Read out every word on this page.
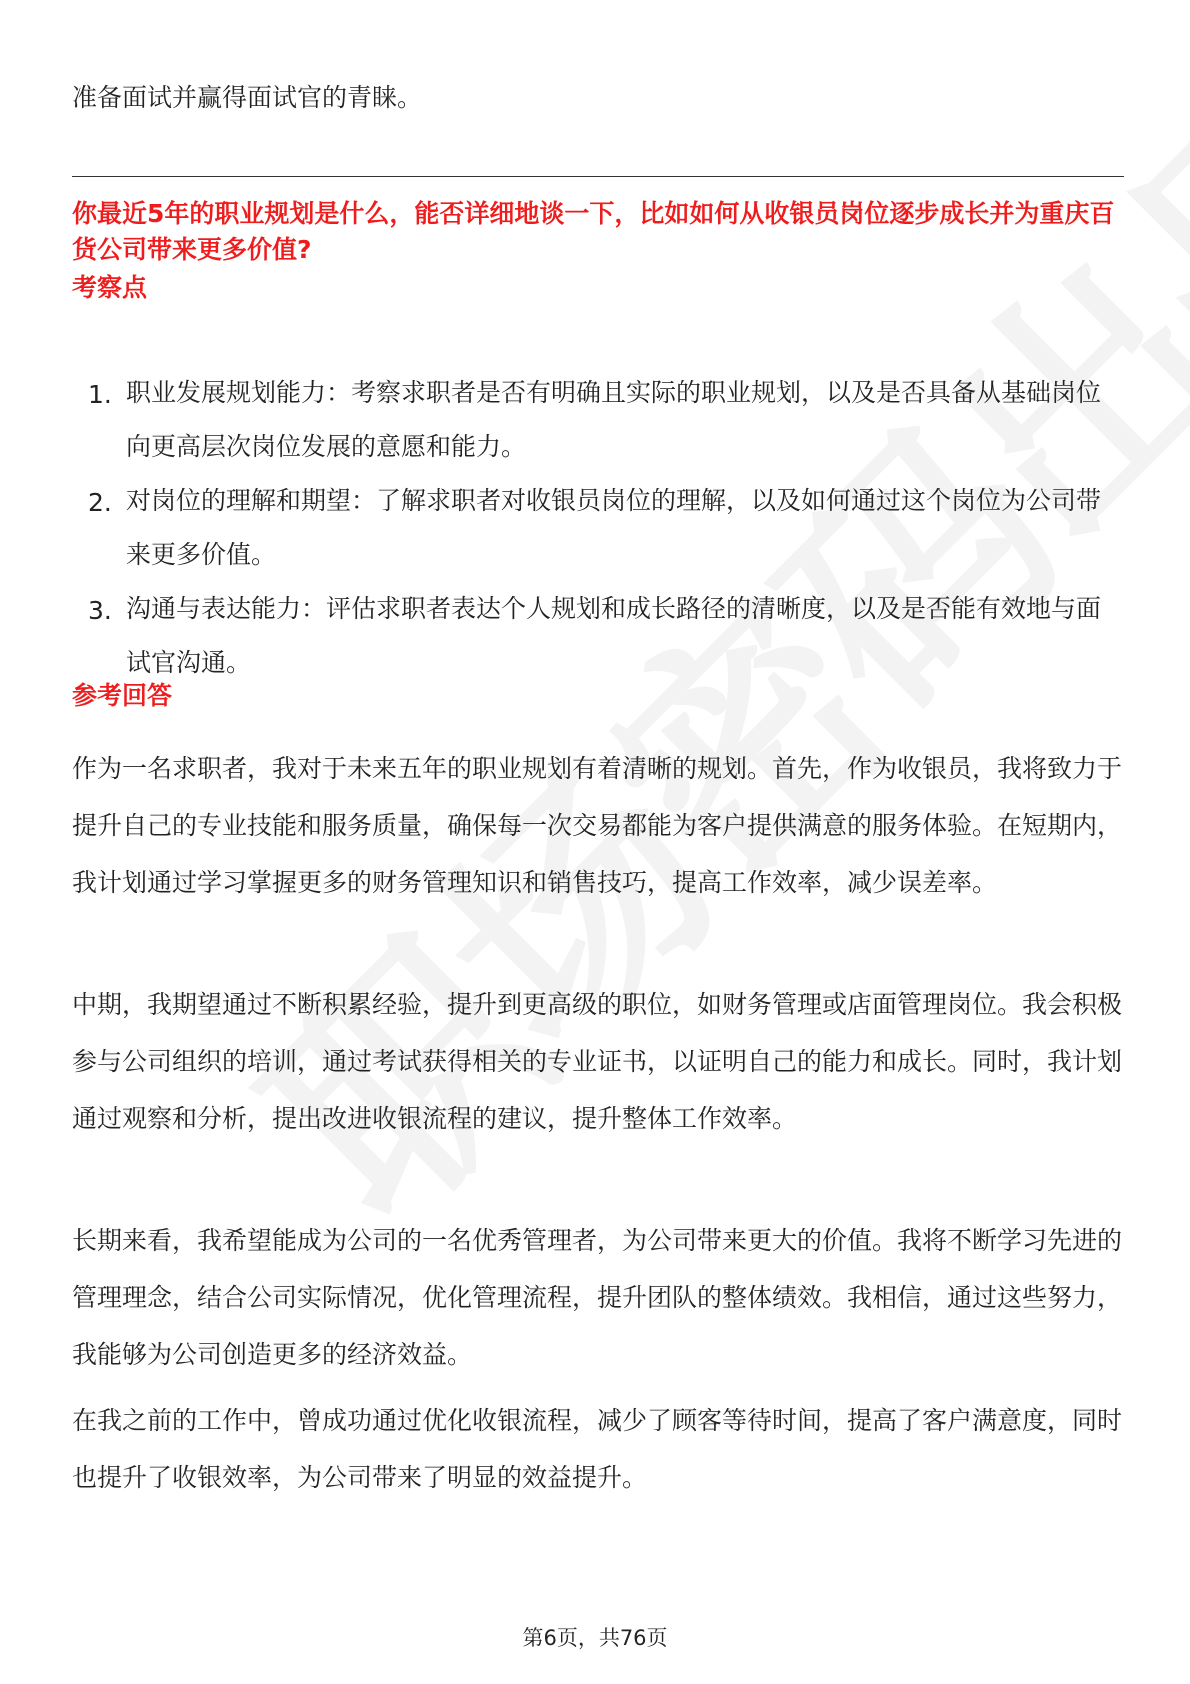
准备面试并赢得面试官的青睐。
你最近5年的职业规划是什么，能否详细地谈一下，比如如何从收银员岗位逐步成长并为重庆百货公司带来更多价值?
考察点
1. 职业发展规划能力：考察求职者是否有明确且实际的职业规划，以及是否具备从基础岗位向更高层次岗位发展的意愿和能力。
2. 对岗位的理解和期望：了解求职者对收银员岗位的理解，以及如何通过这个岗位为公司带来更多价值。
3. 沟通与表达能力：评估求职者表达个人规划和成长路径的清晰度，以及是否能有效地与面试官沟通。
参考回答

作为一名求职者，我对于未来五年的职业规划有着清晰的规划。首先，作为收银员，我将致力于提升自己的专业技能和服务质量，确保每一次交易都能为客户提供满意的服务体验。在短期内，我计划通过学习掌握更多的财务管理知识和销售技巧，提高工作效率，减少误差率。

中期，我期望通过不断积累经验，提升到更高级的职位，如财务管理或店面管理岗位。我会积极参与公司组织的培训，通过考试获得相关的专业证书，以证明自己的能力和成长。同时，我计划通过观察和分析，提出改进收银流程的建议，提升整体工作效率。

长期来看，我希望能成为公司的一名优秀管理者，为公司带来更大的价值。我将不断学习先进的管理理念，结合公司实际情况，优化管理流程，提升团队的整体绩效。我相信，通过这些努力，我能够为公司创造更多的经济效益。

在我之前的工作中，曾成功通过优化收银流程，减少了顾客等待时间，提高了客户满意度，同时也提升了收银效率，为公司带来了明显的效益提升。

第6页，共76页
